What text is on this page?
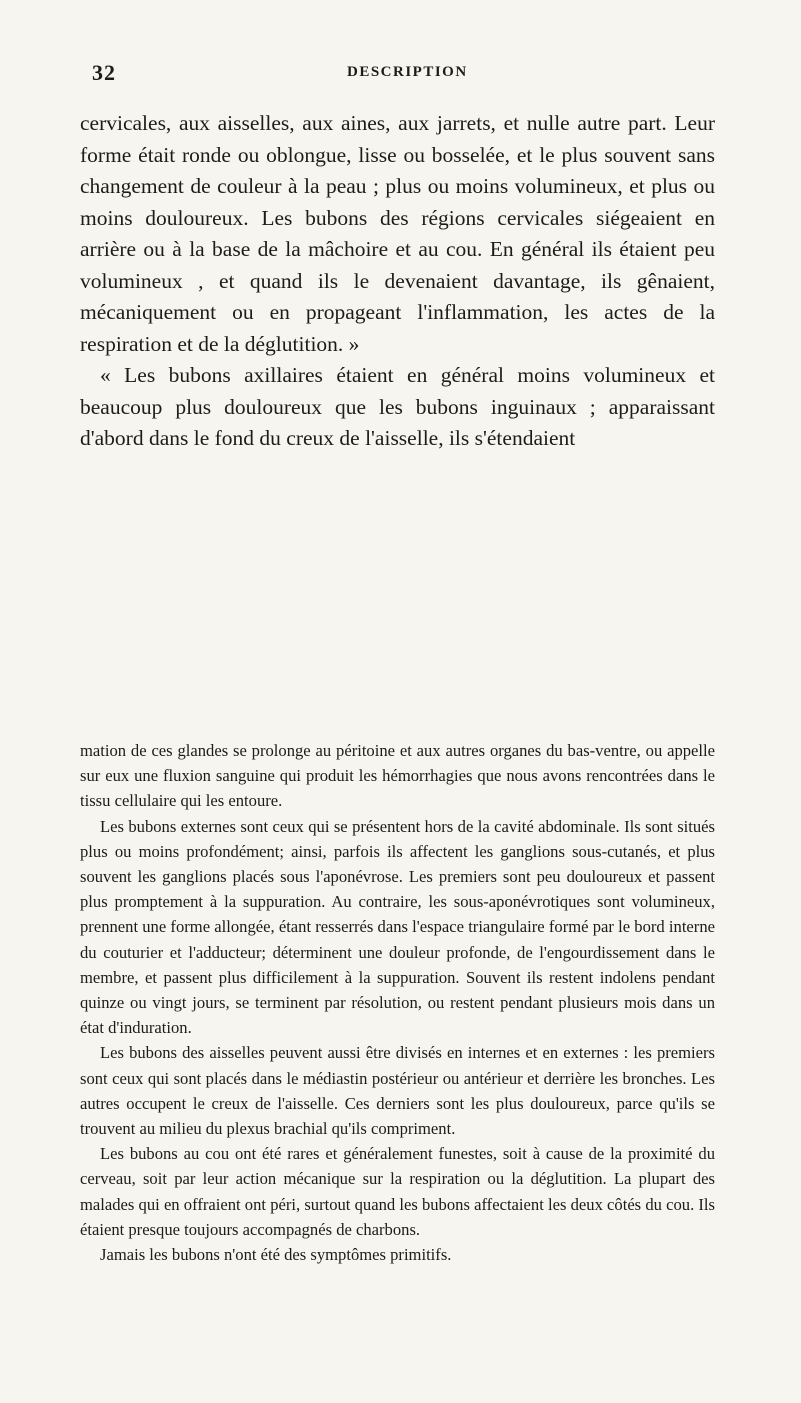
32	DESCRIPTION

cervicales, aux aisselles, aux aines, aux jarrets, et nulle autre part. Leur forme était ronde ou oblongue, lisse ou bosselée, et le plus souvent sans changement de couleur à la peau ; plus ou moins volumineux, et plus ou moins douloureux. Les bubons des régions cervicales siégeaient en arrière ou à la base de la mâchoire et au cou. En général ils étaient peu volumineux , et quand ils le devenaient davantage, ils gênaient, mécaniquement ou en propageant l'inflammation, les actes de la respiration et de la déglutition. »

« Les bubons axillaires étaient en général moins volumineux et beaucoup plus douloureux que les bubons inguinaux ; apparaissant d'abord dans le fond du creux de l'aisselle, ils s'étendaient

mation de ces glandes se prolonge au péritoine et aux autres organes du bas-ventre, ou appelle sur eux une fluxion sanguine qui produit les hémorrhagies que nous avons rencontrées dans le tissu cellulaire qui les entoure.

Les bubons externes sont ceux qui se présentent hors de la cavité abdominale. Ils sont situés plus ou moins profondément; ainsi, parfois ils affectent les ganglions sous-cutanés, et plus souvent les ganglions placés sous l'aponévrose. Les premiers sont peu douloureux et passent plus promptement à la suppuration. Au contraire, les sous-aponévrotiques sont volumineux, prennent une forme allongée, étant resserrés dans l'espace triangulaire formé par le bord interne du couturier et l'adducteur; déterminent une douleur profonde, de l'engourdissement dans le membre, et passent plus difficilement à la suppuration. Souvent ils restent indolens pendant quinze ou vingt jours, se terminent par résolution, ou restent pendant plusieurs mois dans un état d'induration.

Les bubons des aisselles peuvent aussi être divisés en internes et en externes : les premiers sont ceux qui sont placés dans le médiastin postérieur ou antérieur et derrière les bronches. Les autres occupent le creux de l'aisselle. Ces derniers sont les plus douloureux, parce qu'ils se trouvent au milieu du plexus brachial qu'ils compriment.

Les bubons au cou ont été rares et généralement funestes, soit à cause de la proximité du cerveau, soit par leur action mécanique sur la respiration ou la déglutition. La plupart des malades qui en offraient ont péri, surtout quand les bubons affectaient les deux côtés du cou. Ils étaient presque toujours accompagnés de charbons.

Jamais les bubons n'ont été des symptômes primitifs.
